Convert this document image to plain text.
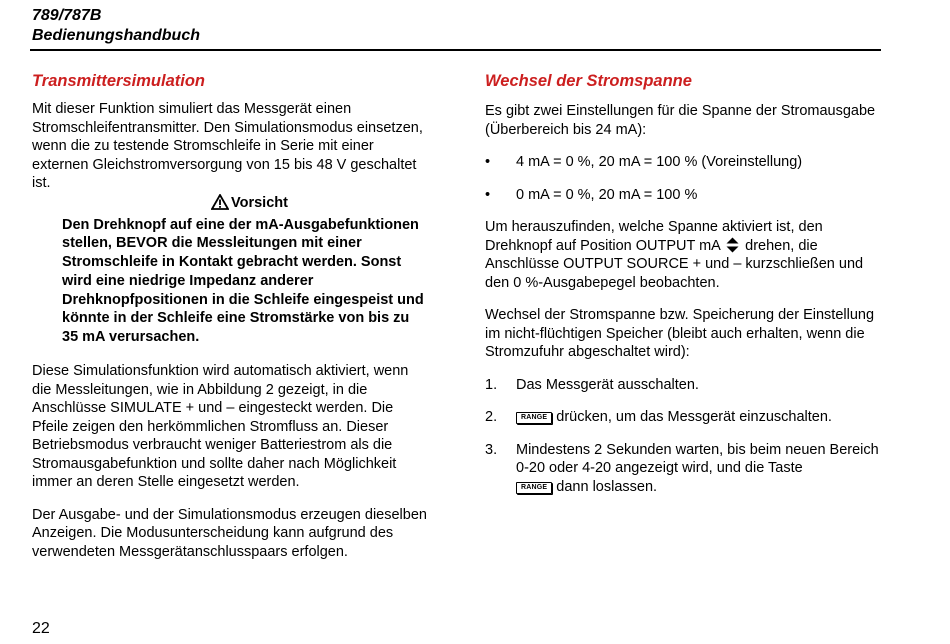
789/787B
Bedienungshandbuch
Transmittersimulation

Mit dieser Funktion simuliert das Messgerät einen Stromschleifentransmitter. Den Simulationsmodus einsetzen, wenn die zu testende Stromschleife in Serie mit einer externen Gleichstromversorgung von 15 bis 48 V geschaltet ist.

Vorsicht

Den Drehknopf auf eine der mA-Ausgabefunktionen stellen, BEVOR die Messleitungen mit einer Stromschleife in Kontakt gebracht werden. Sonst wird eine niedrige Impedanz anderer Drehknopfpositionen in die Schleife eingespeist und könnte in der Schleife eine Stromstärke von bis zu 35 mA verursachen.

Diese Simulationsfunktion wird automatisch aktiviert, wenn die Messleitungen, wie in Abbildung 2 gezeigt, in die Anschlüsse SIMULATE + und – eingesteckt werden. Die Pfeile zeigen den herkömmlichen Stromfluss an. Dieser Betriebsmodus verbraucht weniger Batteriestrom als die Stromausgabefunktion und sollte daher nach Möglichkeit immer an deren Stelle eingesetzt werden.

Der Ausgabe- und der Simulationsmodus erzeugen dieselben Anzeigen. Die Modusunterscheidung kann aufgrund des verwendeten Messgerätanschlusspaars erfolgen.

Wechsel der Stromspanne

Es gibt zwei Einstellungen für die Spanne der Stromausgabe (Überbereich bis 24 mA):

• 4 mA = 0 %, 20 mA = 100 % (Voreinstellung)
• 0 mA = 0 %, 20 mA = 100 %

Um herauszufinden, welche Spanne aktiviert ist, den Drehknopf auf Position OUTPUT mA drehen, die Anschlüsse OUTPUT SOURCE + und – kurzschließen und den 0 %-Ausgabepegel beobachten.

Wechsel der Stromspanne bzw. Speicherung der Einstellung im nicht-flüchtigen Speicher (bleibt auch erhalten, wenn die Stromzufuhr abgeschaltet wird):

1. Das Messgerät ausschalten.
2.	RANGE drücken, um das Messgerät einzuschalten.
3. Mindestens 2 Sekunden warten, bis beim neuen Bereich 0-20 oder 4-20 angezeigt wird, und die Taste
RANGE dann loslassen.
22
